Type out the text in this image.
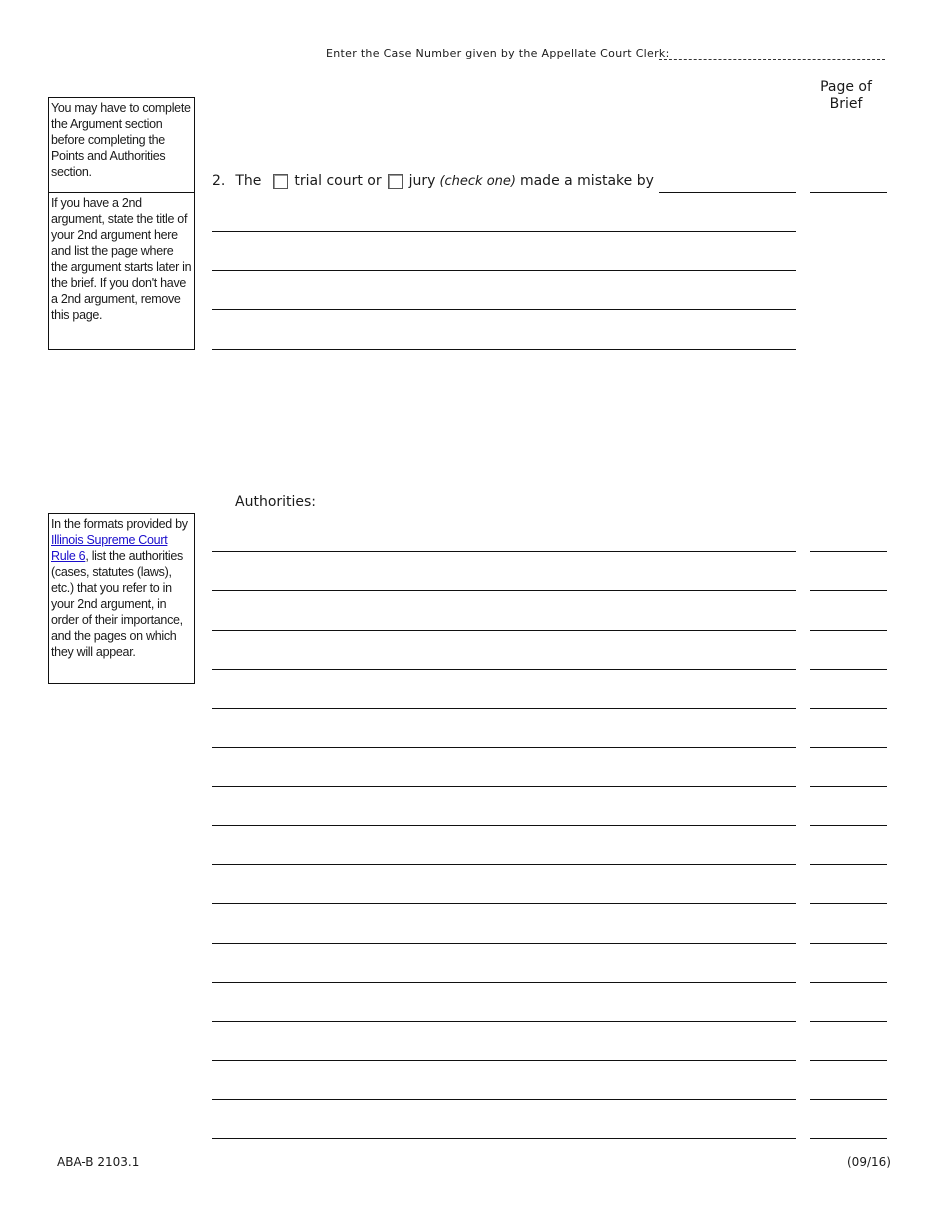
Enter the Case Number given by the Appellate Court Clerk:
Page of
Brief
You may have to complete the Argument section before completing the Points and Authorities section.
If you have a 2nd argument, state the title of your 2nd argument here and list the page where the argument starts later in the brief. If you don't have a 2nd argument, remove this page.
2. The trial court or jury (check one) made a mistake by
Authorities:
In the formats provided by Illinois Supreme Court Rule 6, list the authorities (cases, statutes (laws), etc.) that you refer to in your 2nd argument, in order of their importance, and the pages on which they will appear.
ABA-B 2103.1	(09/16)
